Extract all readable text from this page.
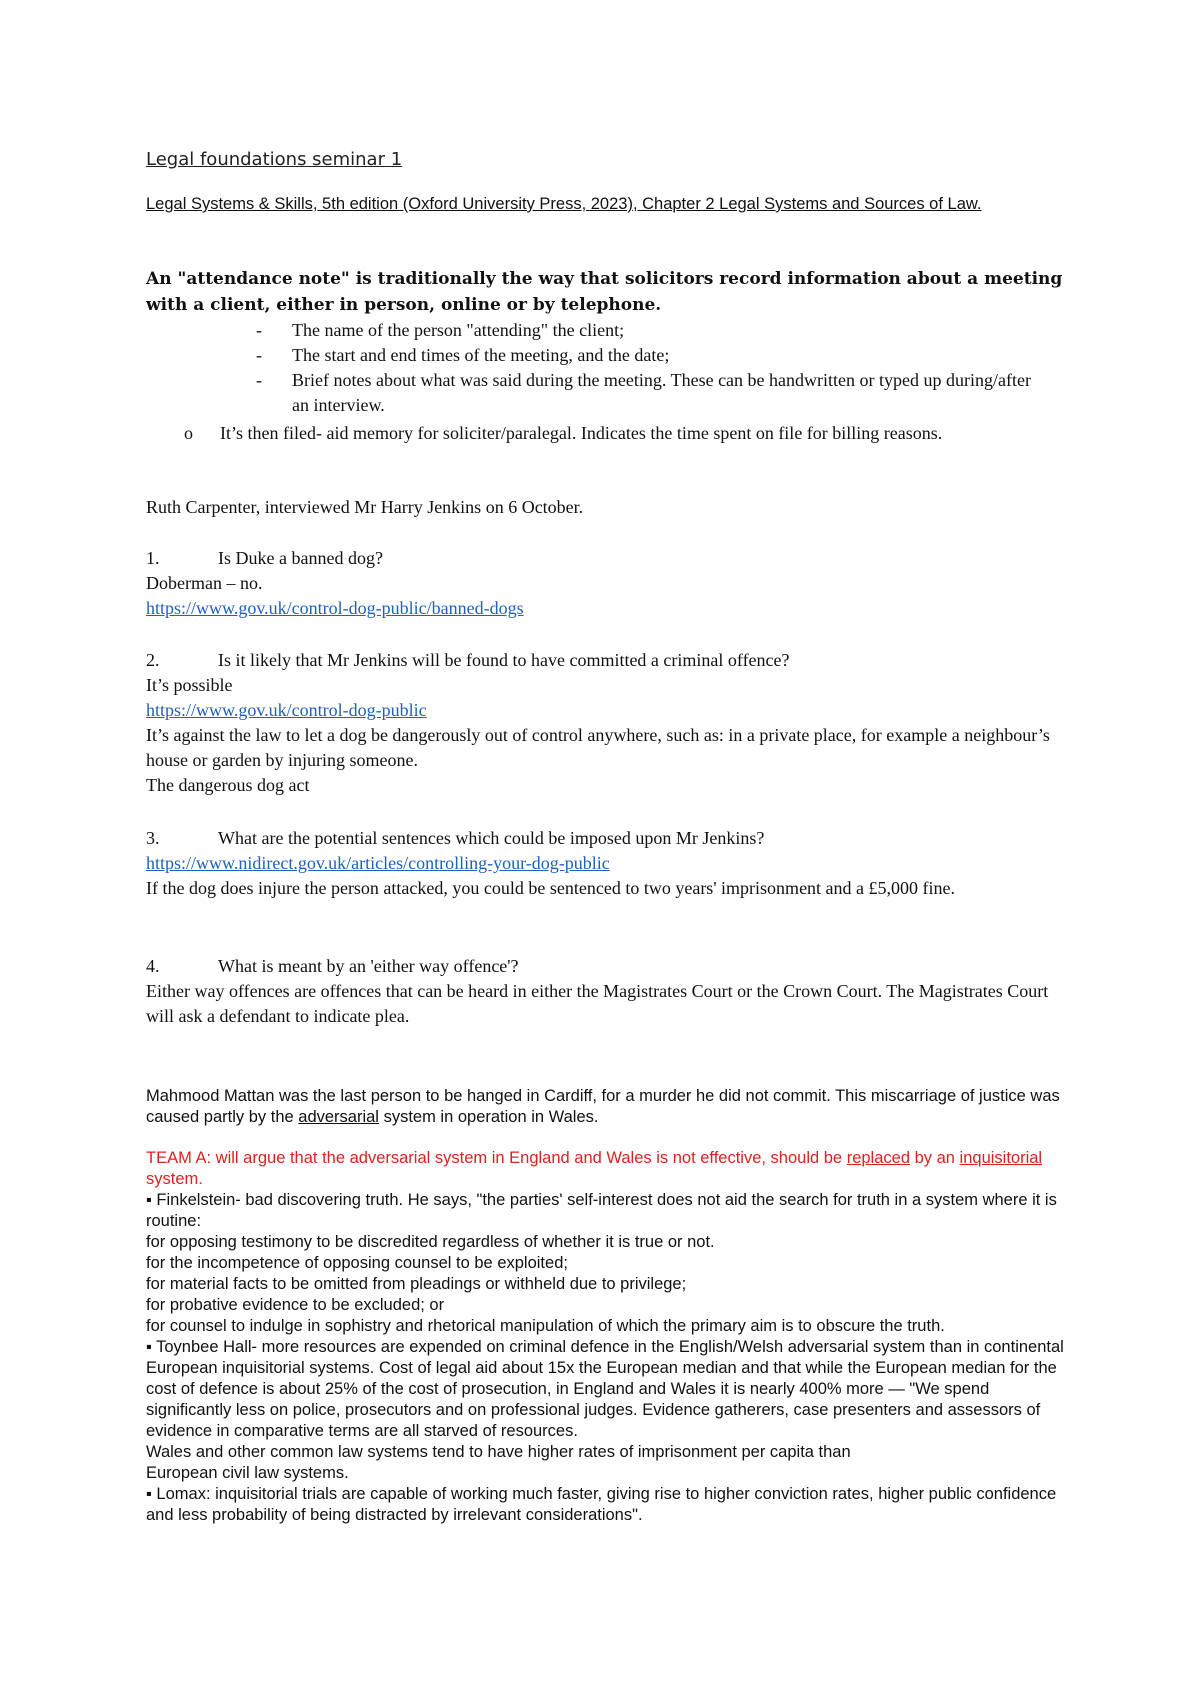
Legal foundations seminar 1
Legal Systems & Skills, 5th edition (Oxford University Press, 2023), Chapter 2 Legal Systems and Sources of Law.
An "attendance note" is traditionally the way that solicitors record information about a meeting with a client, either in person, online or by telephone.
- The name of the person "attending" the client;
- The start and end times of the meeting, and the date;
- Brief notes about what was said during the meeting. These can be handwritten or typed up during/after an interview.
o	It’s then filed- aid memory for soliciter/paralegal. Indicates the time spent on file for billing reasons.
Ruth Carpenter, interviewed Mr Harry Jenkins on 6 October.
1.	Is Duke a banned dog?
Doberman – no.
https://www.gov.uk/control-dog-public/banned-dogs
2.	Is it likely that Mr Jenkins will be found to have committed a criminal offence?
It’s possible
https://www.gov.uk/control-dog-public
It’s against the law to let a dog be dangerously out of control anywhere, such as: in a private place, for example a neighbour’s house or garden by injuring someone.
The dangerous dog act
3.	What are the potential sentences which could be imposed upon Mr Jenkins?
https://www.nidirect.gov.uk/articles/controlling-your-dog-public
If the dog does injure the person attacked, you could be sentenced to two years' imprisonment and a £5,000 fine.
4.	What is meant by an 'either way offence'?
Either way offences are offences that can be heard in either the Magistrates Court or the Crown Court. The Magistrates Court will ask a defendant to indicate plea.
Mahmood Mattan was the last person to be hanged in Cardiff, for a murder he did not commit. This miscarriage of justice was caused partly by the adversarial system in operation in Wales.
TEAM A: will argue that the adversarial system in England and Wales is not effective, should be replaced by an inquisitorial system.
▪ Finkelstein- bad discovering truth. He says, "the parties' self-interest does not aid the search for truth in a system where it is routine:
for opposing testimony to be discredited regardless of whether it is true or not.
for the incompetence of opposing counsel to be exploited;
for material facts to be omitted from pleadings or withheld due to privilege;
for probative evidence to be excluded; or
for counsel to indulge in sophistry and rhetorical manipulation of which the primary aim is to obscure the truth.
▪ Toynbee Hall- more resources are expended on criminal defence in the English/Welsh adversarial system than in continental European inquisitorial systems. Cost of legal aid about 15x the European median and that while the European median for the cost of defence is about 25% of the cost of prosecution, in England and Wales it is nearly 400% more — "We spend significantly less on police, prosecutors and on professional judges. Evidence gatherers, case presenters and assessors of evidence in comparative terms are all starved of resources.
Wales and other common law systems tend to have higher rates of imprisonment per capita than
European civil law systems.
▪ Lomax: inquisitorial trials are capable of working much faster, giving rise to higher conviction rates, higher public confidence and less probability of being distracted by irrelevant considerations".
